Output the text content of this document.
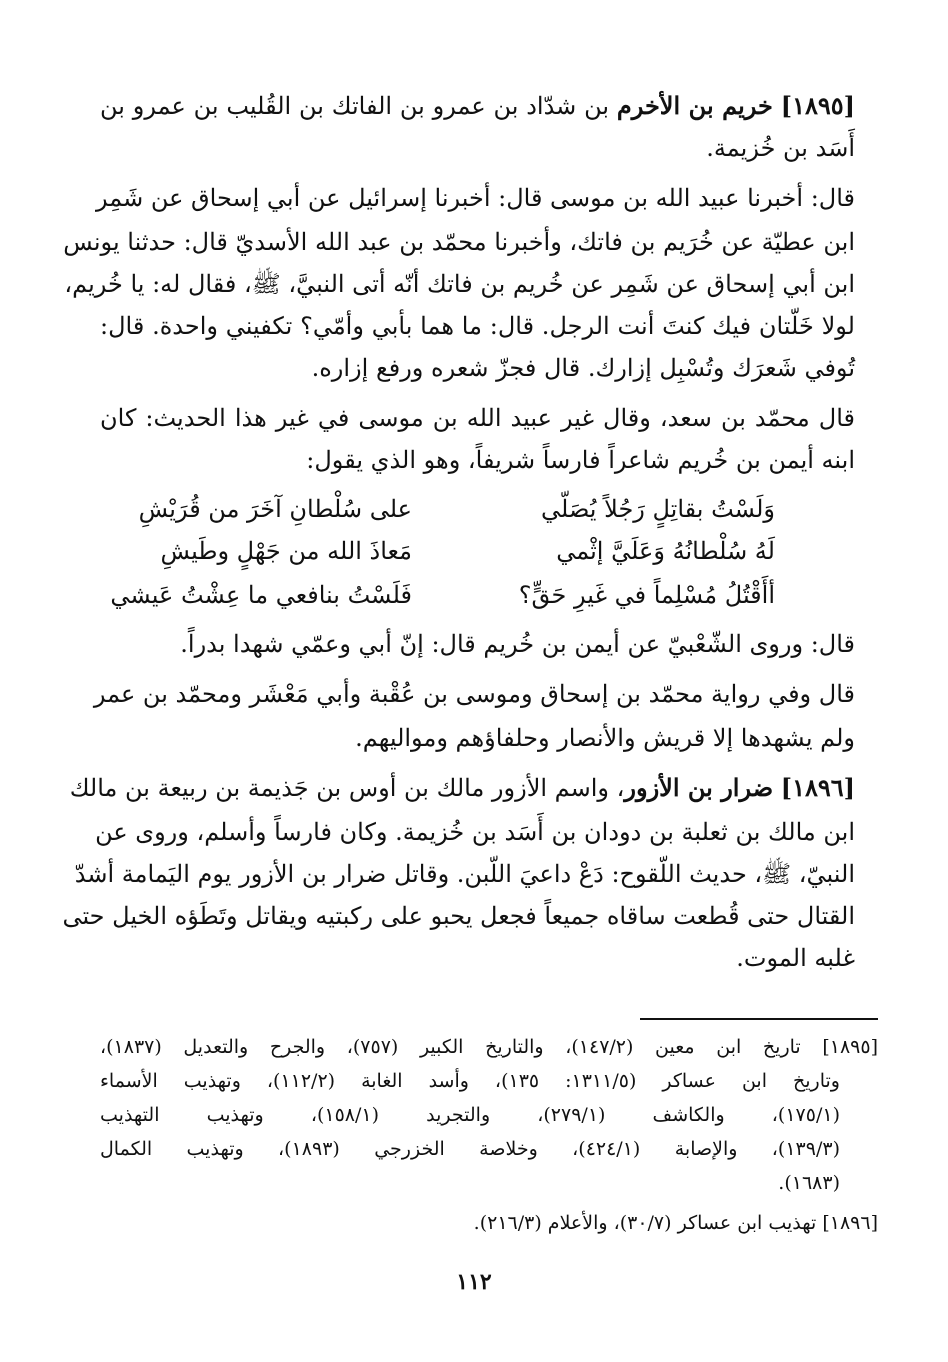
[١٨٩٥] خريم بن الأخرم بن شدّاد بن عمرو بن الفاتك بن القُليب بن عمرو بن
أَسَد بن خُزيمة.
قال: أخبرنا عبيد الله بن موسى قال: أخبرنا إسرائيل عن أبي إسحاق عن شَمِر
ابن عطيّة عن خُرَيم بن فاتك، وأخبرنا محمّد بن عبد الله الأسديّ قال: حدثنا يونس
ابن أبي إسحاق عن شَمِر عن خُريم بن فاتك أنّه أتى النبيَّ، ﷺ، فقال له: يا خُريم،
لولا خَلّتان فيك كنتَ أنت الرجل. قال: ما هما بأبي وأمّي؟ تكفيني واحدة. قال:
تُوفي شَعرَك وتُسْبِل إزارك. قال فجزّ شعره ورفع إزاره.
قال محمّد بن سعد، وقال غير عبيد الله بن موسى في غير هذا الحديث: كان
ابنه أيمن بن خُريم شاعراً فارساً شريفاً، وهو الذي يقول:
وَلَسْتُ بقاتِلٍ رَجُلاً يُصَلّي
على سُلْطانِ آخَرَ من قُرَيْشِ
لَهُ سُلْطانُهُ وَعَلَيَّ إثْمي
مَعاذَ الله من جَهْلٍ وطَيشِ
أأَقْتُلُ مُسْلِماً في غَيرِ حَقٍّ؟
فَلَسْتُ بنافعي ما عِشْتُ عَيشي
قال: وروى الشّعْبيّ عن أيمن بن خُريم قال: إنّ أبي وعمّي شهدا بدراً.
قال وفي رواية محمّد بن إسحاق وموسى بن عُقْبة وأبي مَعْشَر ومحمّد بن عمر
ولم يشهدها إلا قريش والأنصار وحلفاؤهم ومواليهم.
[١٨٩٦] ضرار بن الأزور، واسم الأزور مالك بن أوس بن جَذيمة بن ربيعة بن مالك
ابن مالك بن ثعلبة بن دودان بن أَسَد بن خُزيمة. وكان فارساً وأسلم، وروى عن
النبيّ، ﷺ، حديث اللّقوح: دَعْ داعيَ اللّبن. وقاتل ضرار بن الأزور يوم اليَمامة أشدّ
القتال حتى قُطعت ساقاه جميعاً فجعل يحبو على ركبتيه ويقاتل وتَطَؤه الخيل حتى
غلبه الموت.
[١٨٩٥] تاريخ ابن معين (١٤٧/٢)، والتاريخ الكبير (٧٥٧)، والجرح والتعديل (١٨٣٧)،
وتاريخ ابن عساكر (١٣١١/٥: ١٣٥)، وأسد الغابة (١١٢/٢)، وتهذيب الأسماء
(١٧٥/١)، والكاشف (٢٧٩/١)، والتجريد (١٥٨/١)، وتهذيب التهذيب
(١٣٩/٣)، والإصابة (٤٢٤/١)، وخلاصة الخزرجي (١٨٩٣)، وتهذيب الكمال
(١٦٨٣).
[١٨٩٦] تهذيب ابن عساكر (٣٠/٧)، والأعلام (٢١٦/٣).
١١٢
